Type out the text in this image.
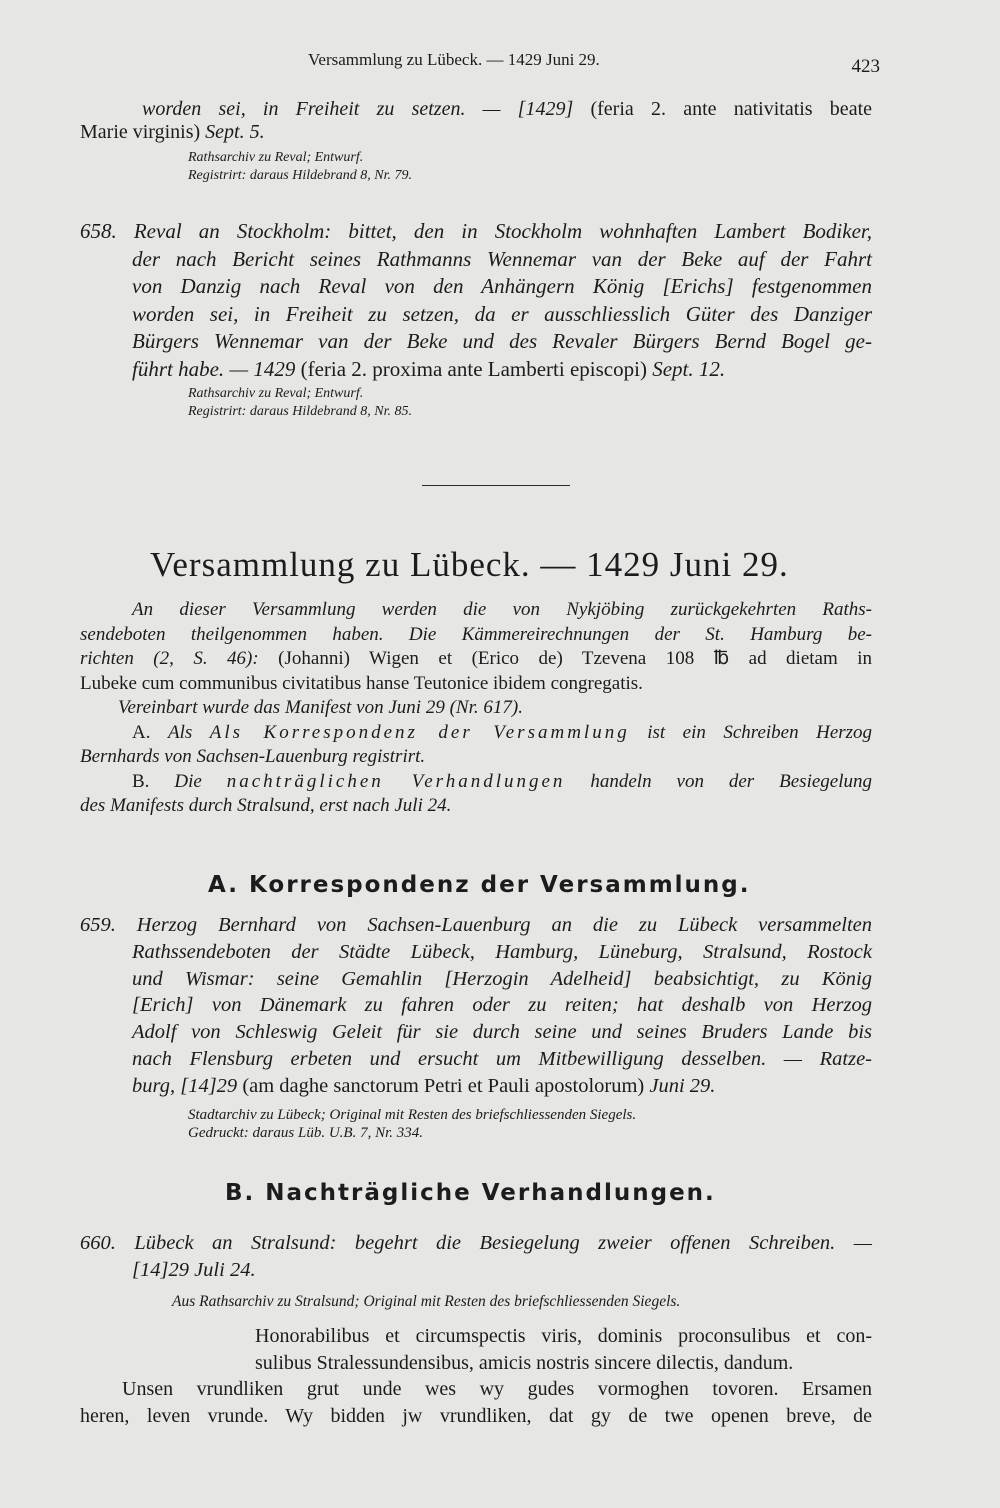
Versammlung zu Lübeck. — 1429 Juni 29.	423
worden sei, in Freiheit zu setzen. — [1429] (feria 2. ante nativitatis beate
Marie virginis) Sept. 5.
Rathsarchiv zu Reval; Entwurf.
Registrirt: daraus Hildebrand 8, Nr. 79.
658. Reval an Stockholm: bittet, den in Stockholm wohnhaften Lambert Bodiker,
der nach Bericht seines Rathmanns Wennemar van der Beke auf der Fahrt
von Danzig nach Reval von den Anhängern König [Erichs] festgenommen
worden sei, in Freiheit zu setzen, da er ausschliesslich Güter des Danziger
Bürgers Wennemar van der Beke und des Revaler Bürgers Bernd Bogel ge-
führt habe. — 1429 (feria 2. proxima ante Lamberti episcopi) Sept. 12.
Rathsarchiv zu Reval; Entwurf.
Registrirt: daraus Hildebrand 8, Nr. 85.
Versammlung zu Lübeck. — 1429 Juni 29.
An dieser Versammlung werden die von Nykjöbing zurückgekehrten Raths-
sendeboten theilgenommen haben. Die Kämmereirechnungen der St. Hamburg be-
richten (2, S. 46): (Johanni) Wigen et (Erico de) Tzevena 108 ℔ ad dietam in
Lubeke cum communibus civitatibus hanse Teutonice ibidem congregatis.
Vereinbart wurde das Manifest von Juni 29 (Nr. 617).
A. Als Als Korrespondenz der Versammlung ist ein Schreiben Herzog
Bernhards von Sachsen-Lauenburg registrirt.
B. Die nachträglichen Verhandlungen handeln von der Besiegelung
des Manifests durch Stralsund, erst nach Juli 24.
A. Korrespondenz der Versammlung.
659. Herzog Bernhard von Sachsen-Lauenburg an die zu Lübeck versammelten
Rathssendeboten der Städte Lübeck, Hamburg, Lüneburg, Stralsund, Rostock
und Wismar: seine Gemahlin [Herzogin Adelheid] beabsichtigt, zu König
[Erich] von Dänemark zu fahren oder zu reiten; hat deshalb von Herzog
Adolf von Schleswig Geleit für sie durch seine und seines Bruders Lande bis
nach Flensburg erbeten und ersucht um Mitbewilligung desselben. — Ratze-
burg, [14]29 (am daghe sanctorum Petri et Pauli apostolorum) Juni 29.
Stadtarchiv zu Lübeck; Original mit Resten des briefschliessenden Siegels.
Gedruckt: daraus Lüb. U.B. 7, Nr. 334.
B. Nachträgliche Verhandlungen.
660. Lübeck an Stralsund: begehrt die Besiegelung zweier offenen Schreiben. —
[14]29 Juli 24.
Aus Rathsarchiv zu Stralsund; Original mit Resten des briefschliessenden Siegels.
Honorabilibus et circumspectis viris, dominis proconsulibus et con-
sulibus Stralessundensibus, amicis nostris sincere dilectis, dandum.
Unsen vrundliken grut unde wes wy gudes vormoghen tovoren. Ersamen
heren, leven vrunde. Wy bidden jw vrundliken, dat gy de twe openen breve, de
